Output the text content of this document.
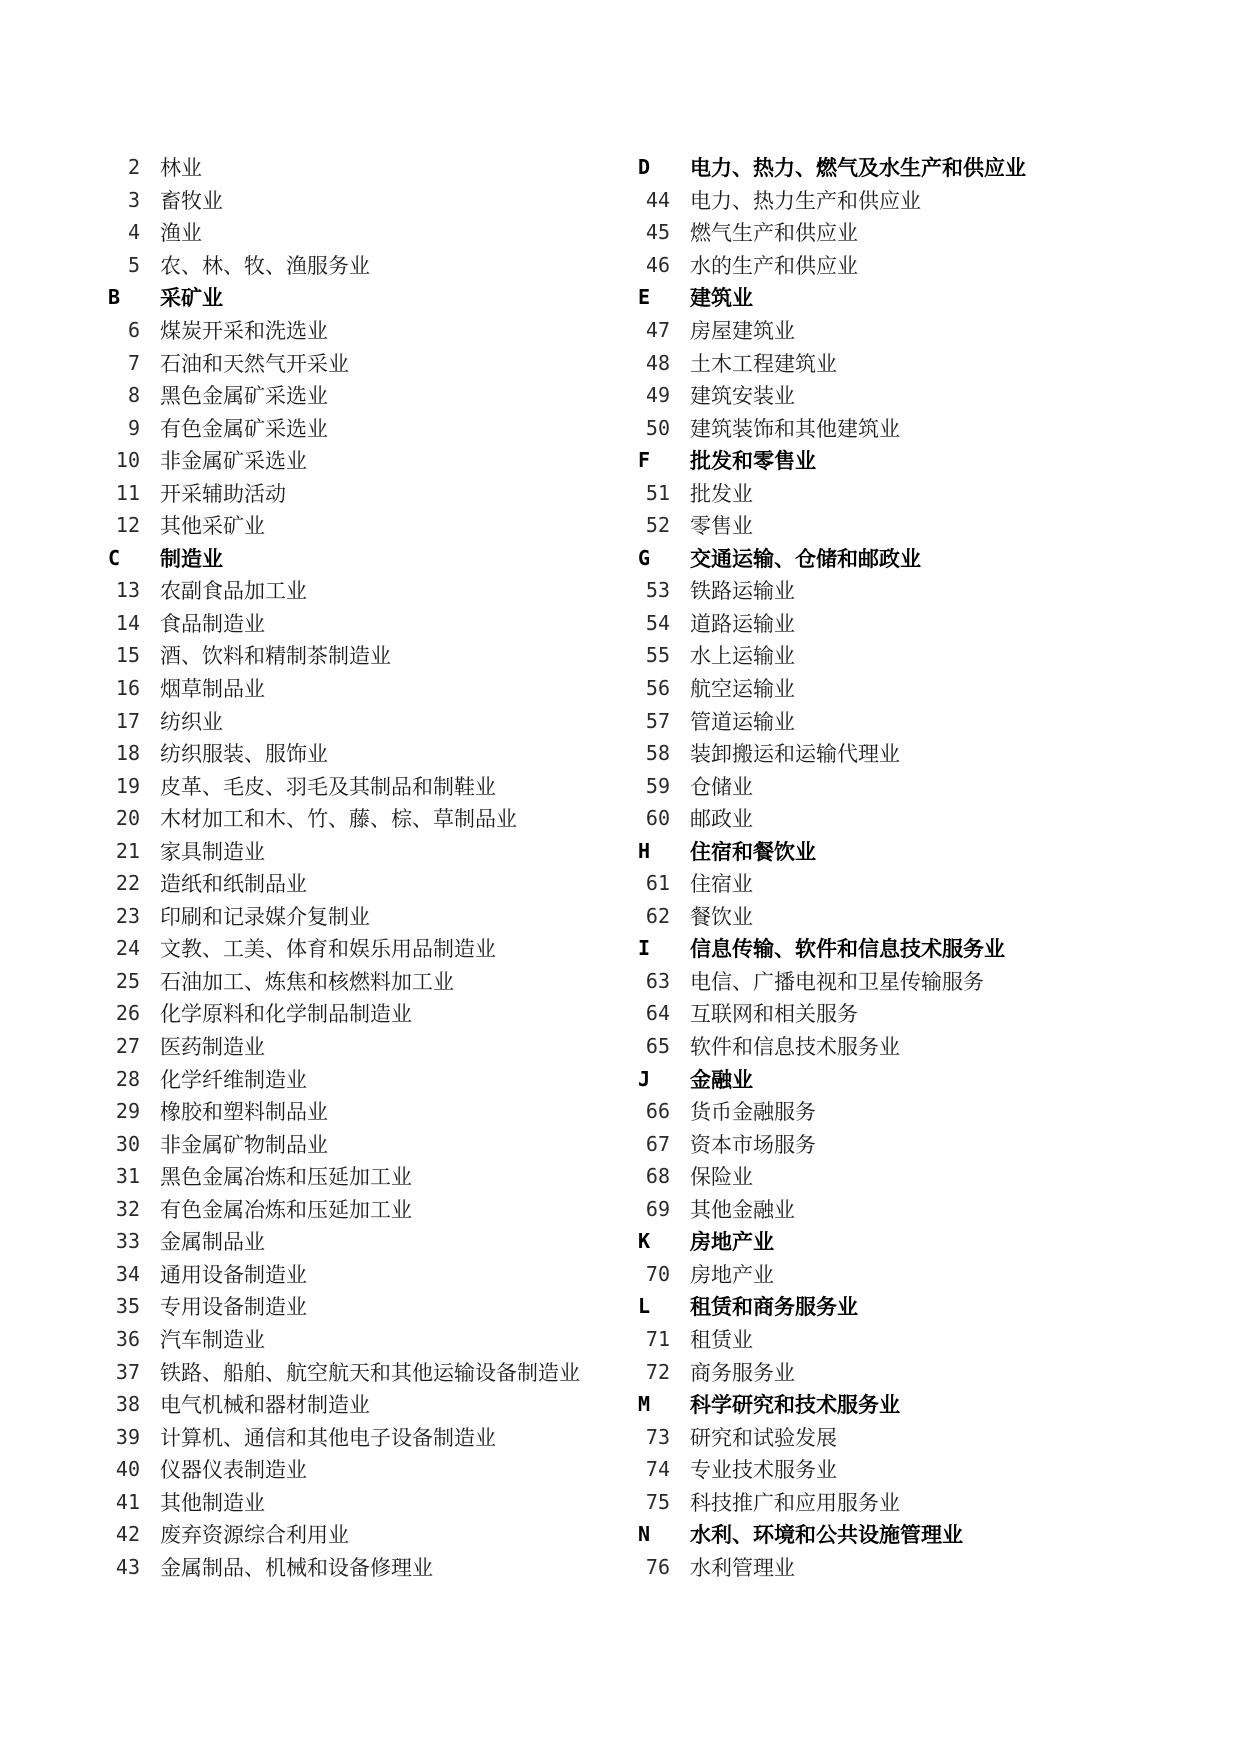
2 林业
3 畜牧业
4 渔业
5 农、林、牧、渔服务业
B	采矿业
6 煤炭开采和洗选业
7 石油和天然气开采业
8 黑色金属矿采选业
9 有色金属矿采选业
10 非金属矿采选业
11 开采辅助活动
12 其他采矿业
C	制造业
13 农副食品加工业
14 食品制造业
15 酒、饮料和精制茶制造业
16 烟草制品业
17 纺织业
18 纺织服装、服饰业
19 皮革、毛皮、羽毛及其制品和制鞋业
20 木材加工和木、竹、藤、棕、草制品业
21 家具制造业
22 造纸和纸制品业
23 印刷和记录媒介复制业
24 文教、工美、体育和娱乐用品制造业
25 石油加工、炼焦和核燃料加工业
26 化学原料和化学制品制造业
27 医药制造业
28 化学纤维制造业
29 橡胶和塑料制品业
30 非金属矿物制品业
31 黑色金属冶炼和压延加工业
32 有色金属冶炼和压延加工业
33 金属制品业
34 通用设备制造业
35 专用设备制造业
36 汽车制造业
37 铁路、船舶、航空航天和其他运输设备制造业
38 电气机械和器材制造业
39 计算机、通信和其他电子设备制造业
40 仪器仪表制造业
41 其他制造业
42 废弃资源综合利用业
43 金属制品、机械和设备修理业
D	电力、热力、燃气及水生产和供应业
44 电力、热力生产和供应业
45 燃气生产和供应业
46 水的生产和供应业
E	建筑业
47 房屋建筑业
48 土木工程建筑业
49 建筑安装业
50 建筑装饰和其他建筑业
F	批发和零售业
51 批发业
52 零售业
G	交通运输、仓储和邮政业
53 铁路运输业
54 道路运输业
55 水上运输业
56 航空运输业
57 管道运输业
58 装卸搬运和运输代理业
59 仓储业
60 邮政业
H	住宿和餐饮业
61 住宿业
62 餐饮业
I	信息传输、软件和信息技术服务业
63 电信、广播电视和卫星传输服务
64 互联网和相关服务
65 软件和信息技术服务业
J	金融业
66 货币金融服务
67 资本市场服务
68 保险业
69 其他金融业
K	房地产业
70 房地产业
L	租赁和商务服务业
71 租赁业
72 商务服务业
M	科学研究和技术服务业
73 研究和试验发展
74 专业技术服务业
75 科技推广和应用服务业
N	水利、环境和公共设施管理业
76 水利管理业
